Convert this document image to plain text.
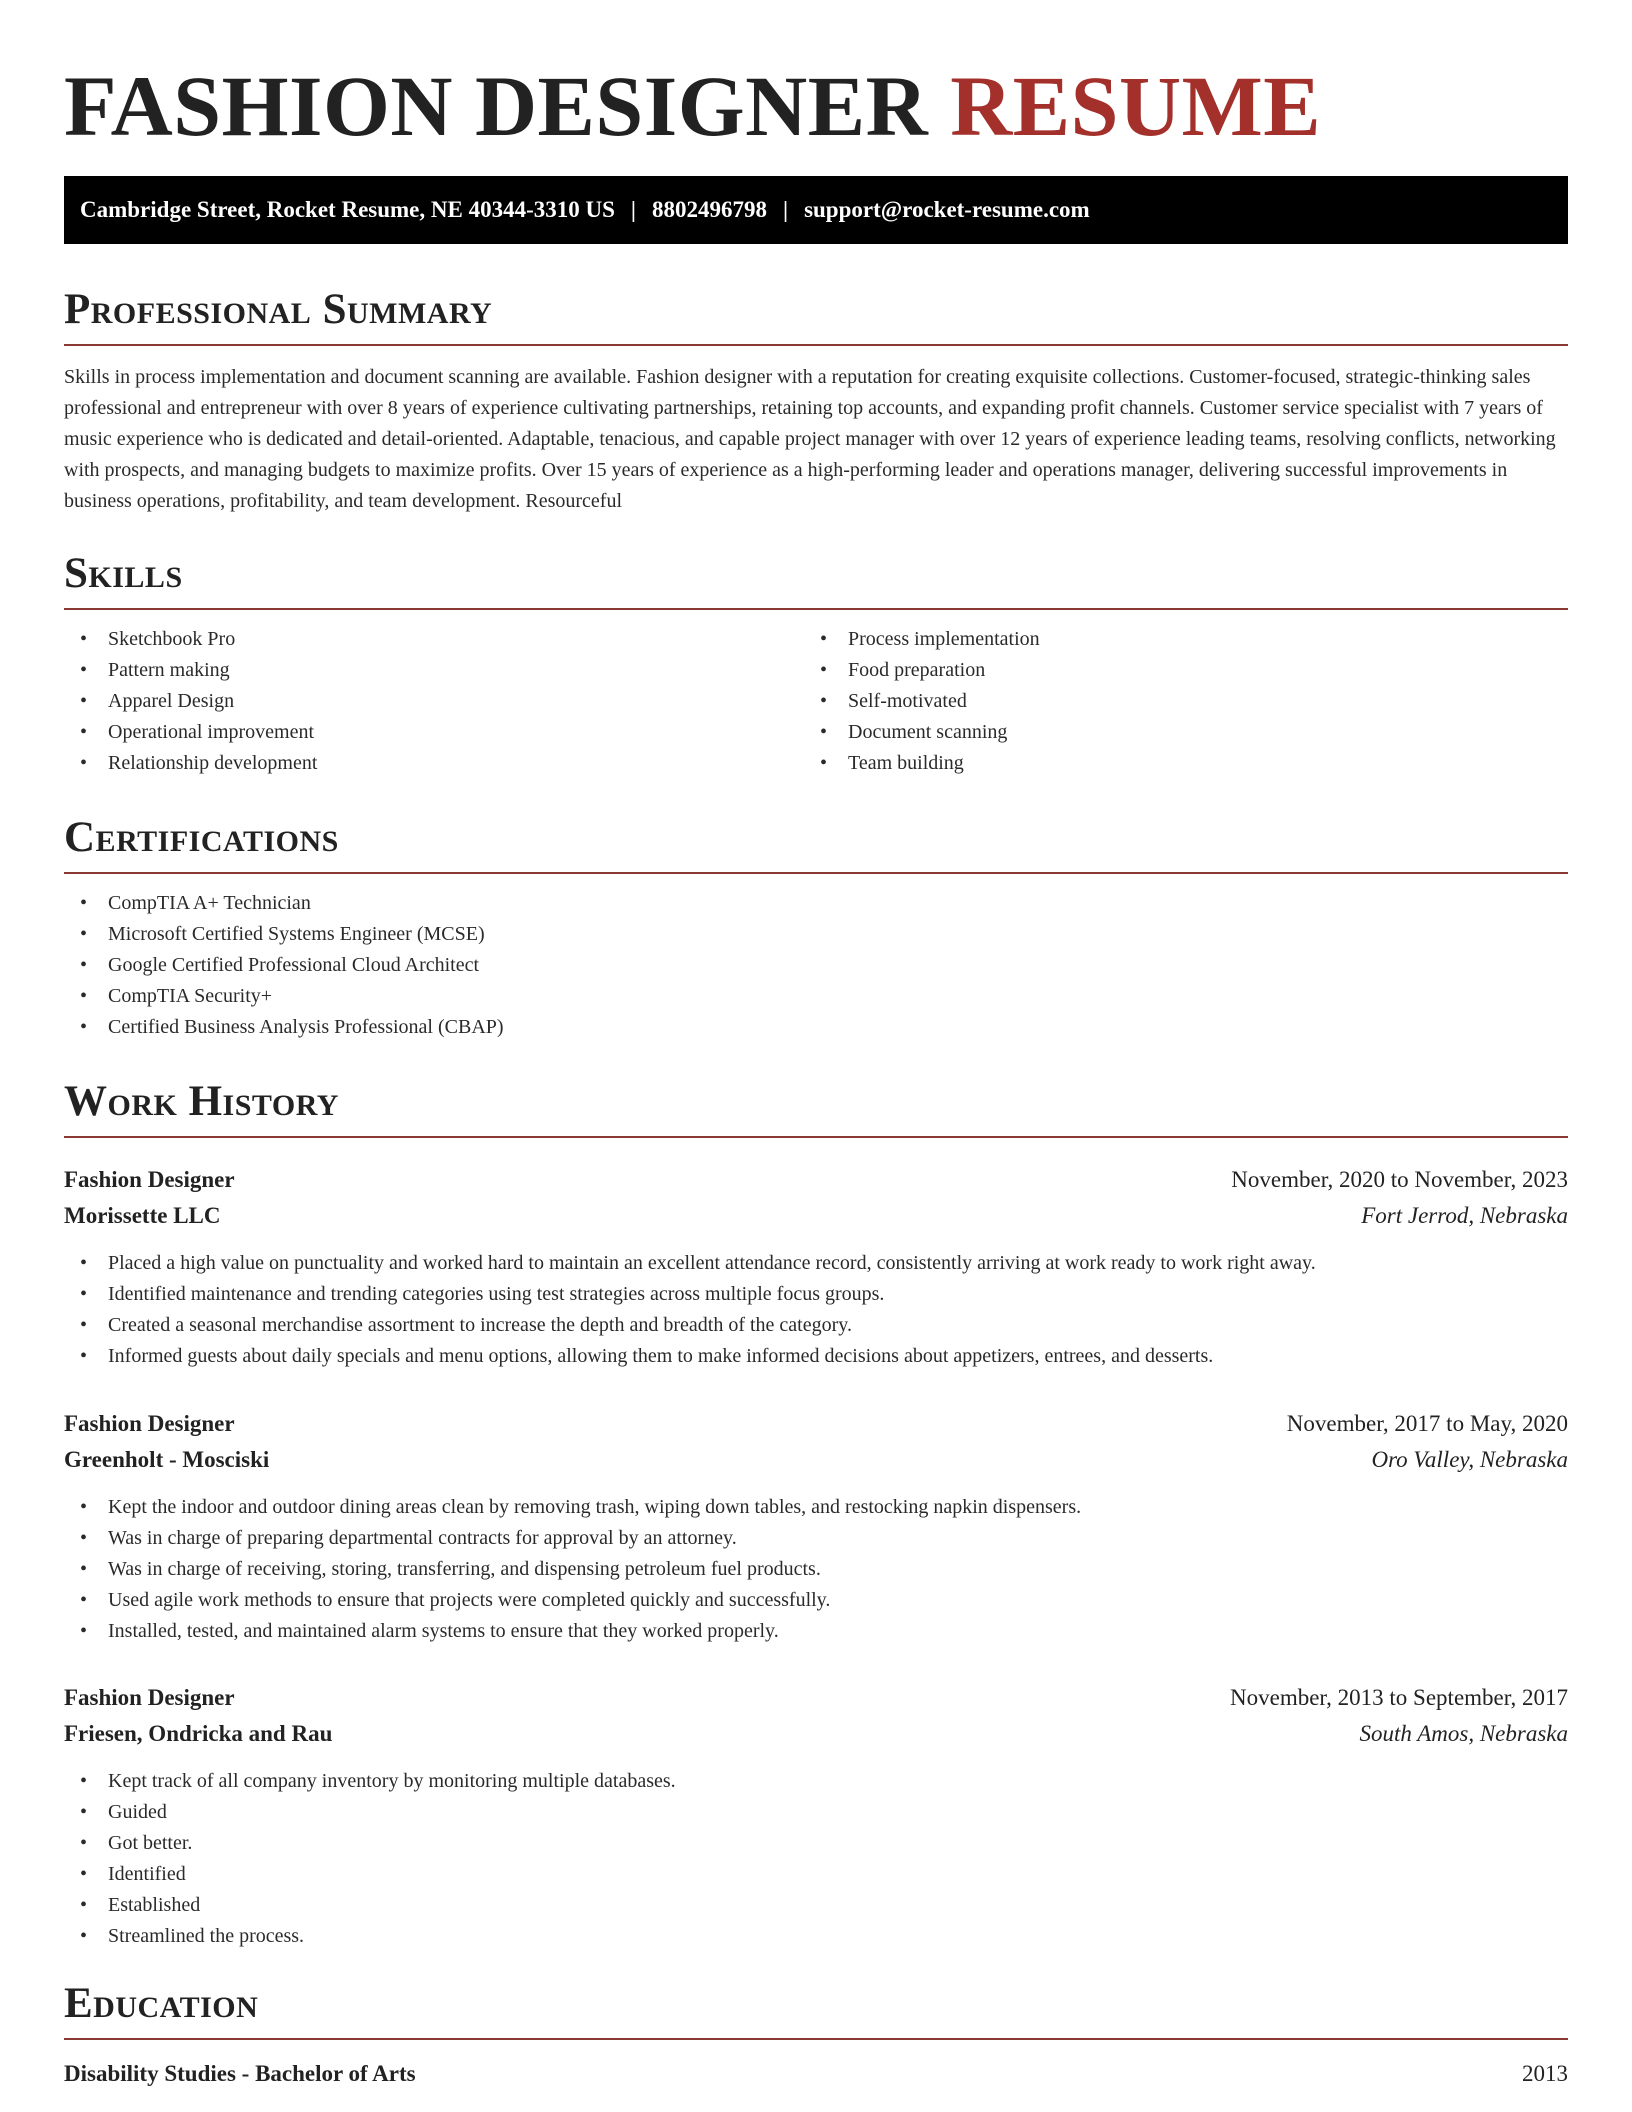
FASHION DESIGNER RESUME
Cambridge Street, Rocket Resume, NE 40344-3310 US | 8802496798 | support@rocket-resume.com
Professional Summary

Skills in process implementation and document scanning are available. Fashion designer with a reputation for creating exquisite collections. Customer-focused, strategic-thinking sales professional and entrepreneur with over 8 years of experience cultivating partnerships, retaining top accounts, and expanding profit channels. Customer service specialist with 7 years of music experience who is dedicated and detail-oriented. Adaptable, tenacious, and capable project manager with over 12 years of experience leading teams, resolving conflicts, networking with prospects, and managing budgets to maximize profits. Over 15 years of experience as a high-performing leader and operations manager, delivering successful improvements in business operations, profitability, and team development. Resourceful

Skills
• Sketchbook Pro
• Pattern making
• Apparel Design
• Operational improvement
• Relationship development
• Process implementation
• Food preparation
• Self-motivated
• Document scanning
• Team building
Certifications
• CompTIA A+ Technician
• Microsoft Certified Systems Engineer (MCSE)
• Google Certified Professional Cloud Architect
• CompTIA Security+
• Certified Business Analysis Professional (CBAP)
Work History
Fashion Designer	November, 2020 to November, 2023
Morissette LLC	Fort Jerrod, Nebraska
• Placed a high value on punctuality and worked hard to maintain an excellent attendance record, consistently arriving at work ready to work right away.
• Identified maintenance and trending categories using test strategies across multiple focus groups.
• Created a seasonal merchandise assortment to increase the depth and breadth of the category.
• Informed guests about daily specials and menu options, allowing them to make informed decisions about appetizers, entrees, and desserts.
Fashion Designer	November, 2017 to May, 2020
Greenholt - Mosciski	Oro Valley, Nebraska
• Kept the indoor and outdoor dining areas clean by removing trash, wiping down tables, and restocking napkin dispensers.
• Was in charge of preparing departmental contracts for approval by an attorney.
• Was in charge of receiving, storing, transferring, and dispensing petroleum fuel products.
• Used agile work methods to ensure that projects were completed quickly and successfully.
• Installed, tested, and maintained alarm systems to ensure that they worked properly.
Fashion Designer	November, 2013 to September, 2017
Friesen, Ondricka and Rau	South Amos, Nebraska
• Kept track of all company inventory by monitoring multiple databases.
• Guided
• Got better.
• Identified
• Established
• Streamlined the process.
Education
Disability Studies - Bachelor of Arts	2013
